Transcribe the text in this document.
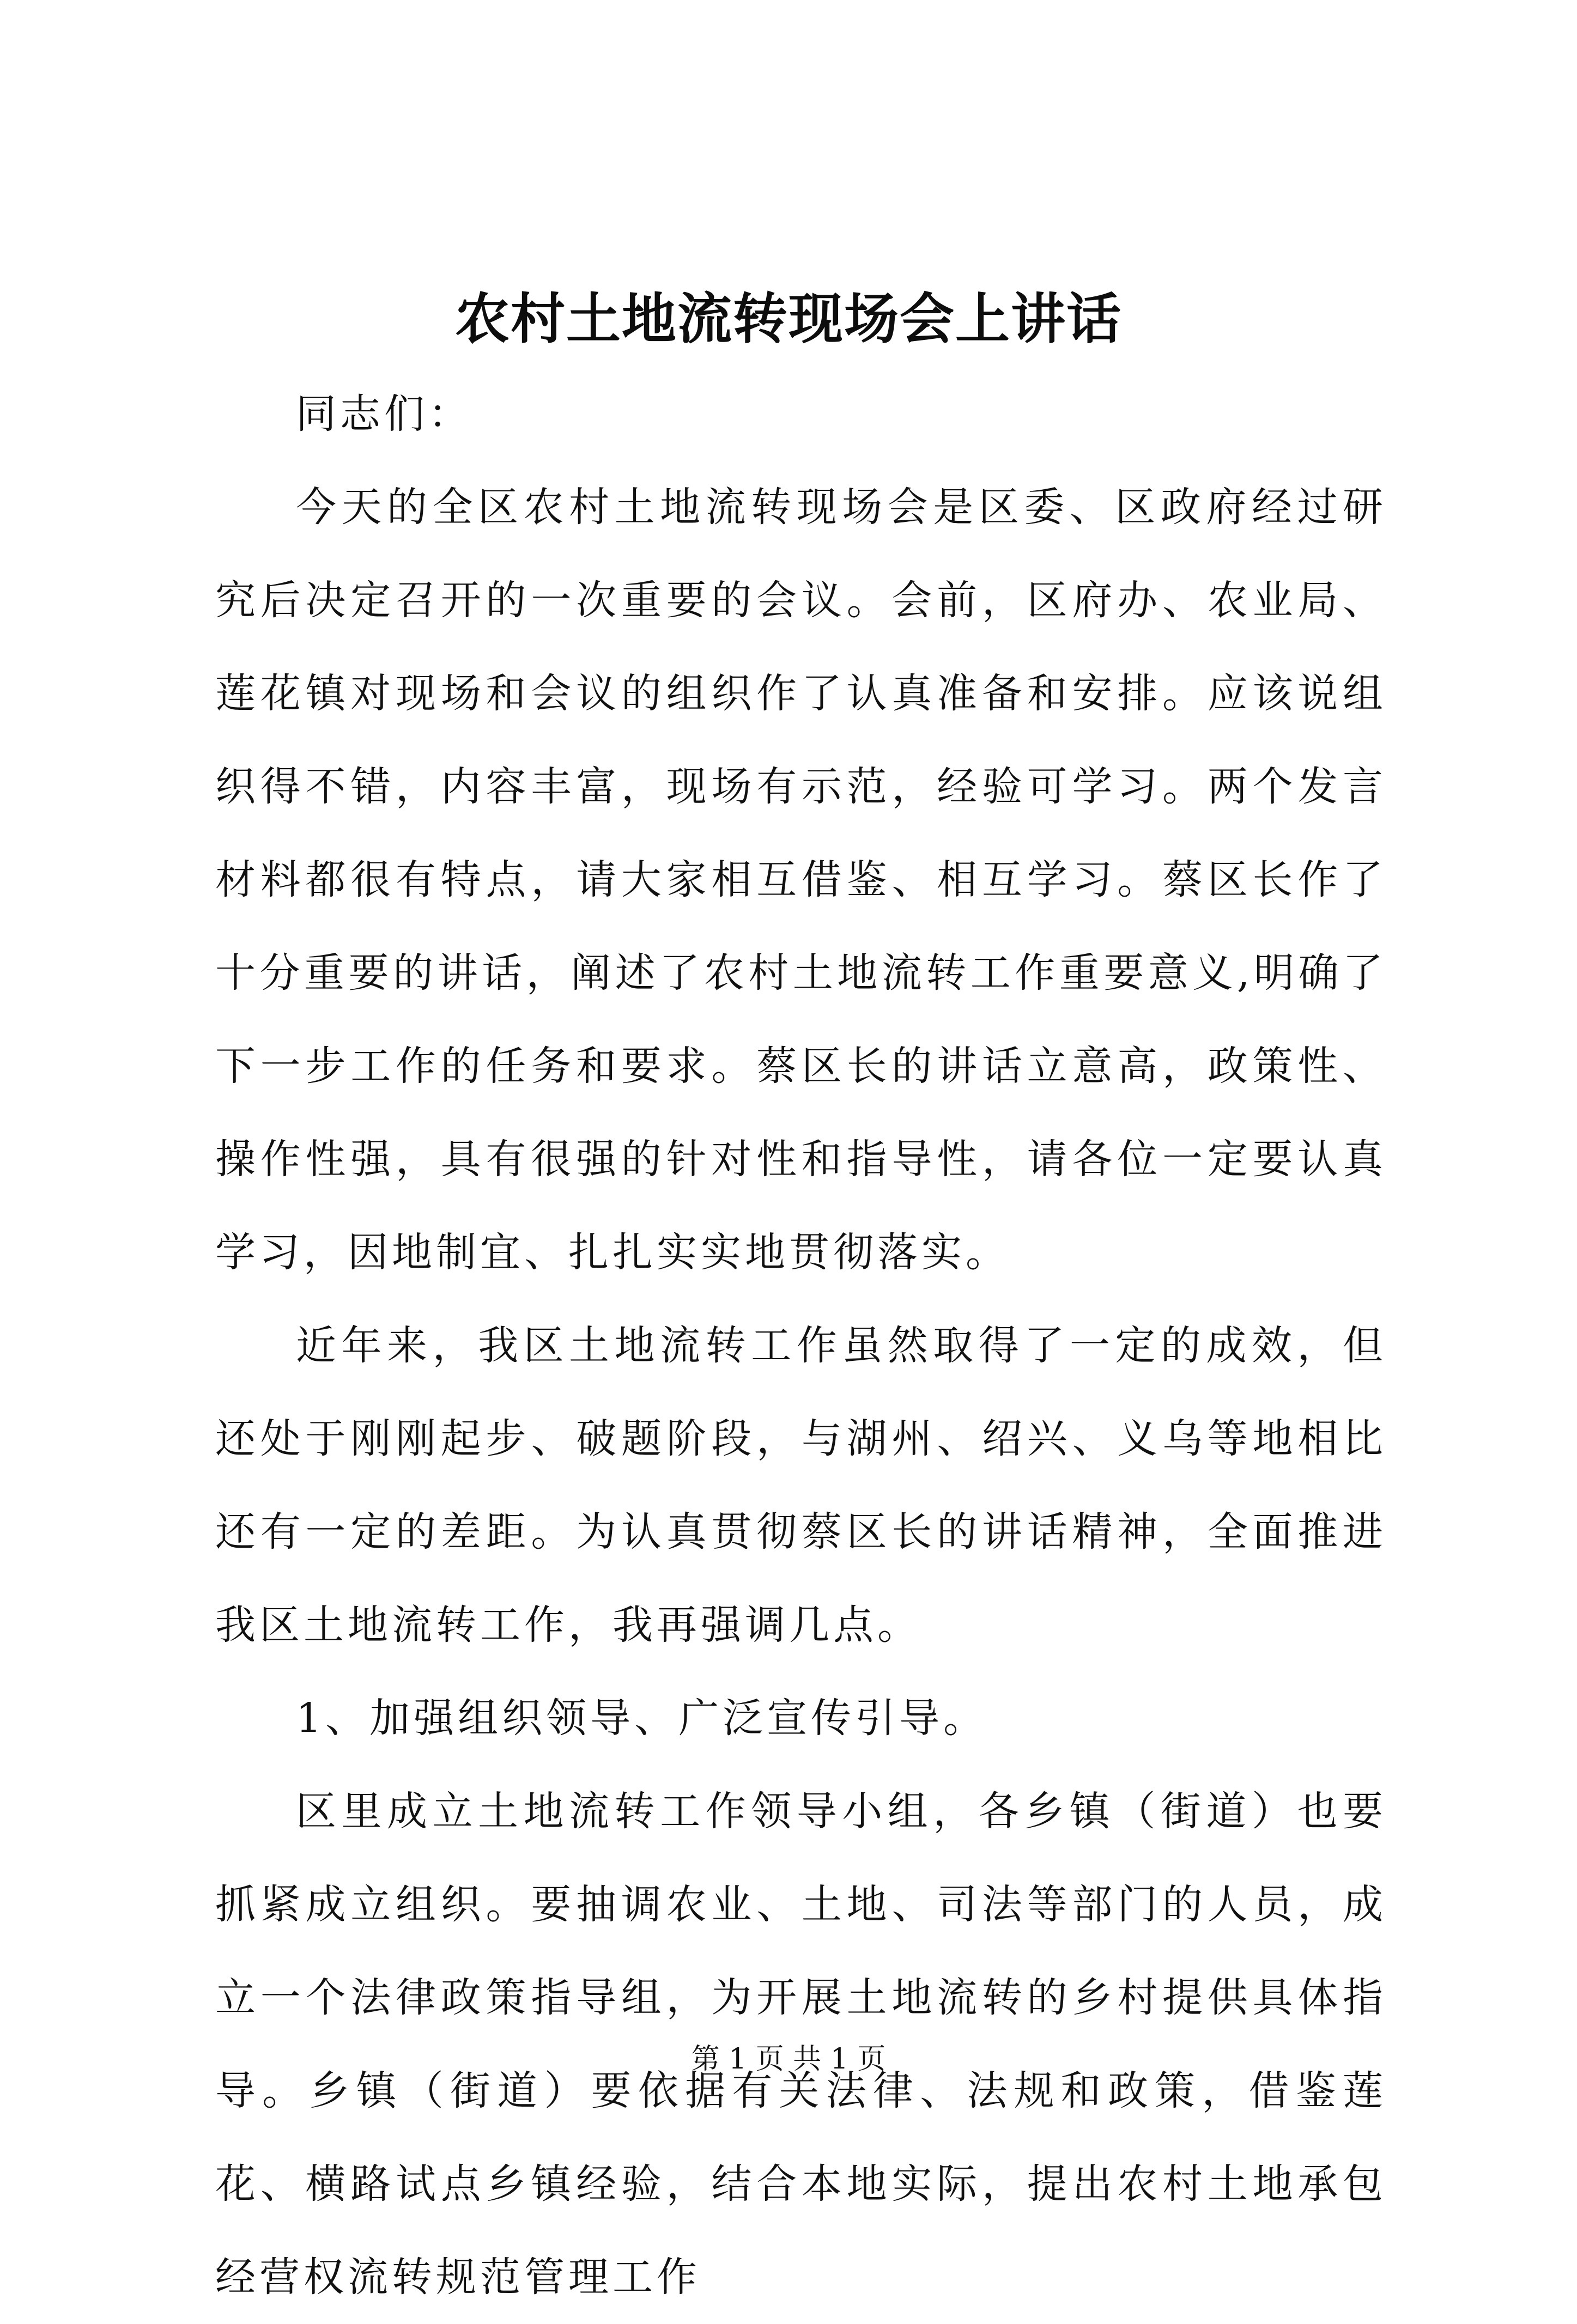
农村土地流转现场会上讲话

同志们：

今天的全区农村土地流转现场会是区委、区政府经过研究后决定召开的一次重要的会议。会前，区府办、农业局、莲花镇对现场和会议的组织作了认真准备和安排。应该说组织得不错，内容丰富，现场有示范，经验可学习。两个发言材料都很有特点，请大家相互借鉴、相互学习。蔡区长作了十分重要的讲话，阐述了农村土地流转工作重要意义,明确了下一步工作的任务和要求。蔡区长的讲话立意高，政策性、操作性强，具有很强的针对性和指导性，请各位一定要认真学习，因地制宜、扎扎实实地贯彻落实。

近年来，我区土地流转工作虽然取得了一定的成效，但还处于刚刚起步、破题阶段，与湖州、绍兴、义乌等地相比还有一定的差距。为认真贯彻蔡区长的讲话精神，全面推进我区土地流转工作，我再强调几点。

1、加强组织领导、广泛宣传引导。

区里成立土地流转工作领导小组，各乡镇（街道）也要抓紧成立组织。要抽调农业、土地、司法等部门的人员，成立一个法律政策指导组，为开展土地流转的乡村提供具体指导。乡镇（街道）要依据有关法律、法规和政策，借鉴莲花、横路试点乡镇经验，结合本地实际，提出农村土地承包经营权流转规范管理工作

第 1 页 共 1 页
